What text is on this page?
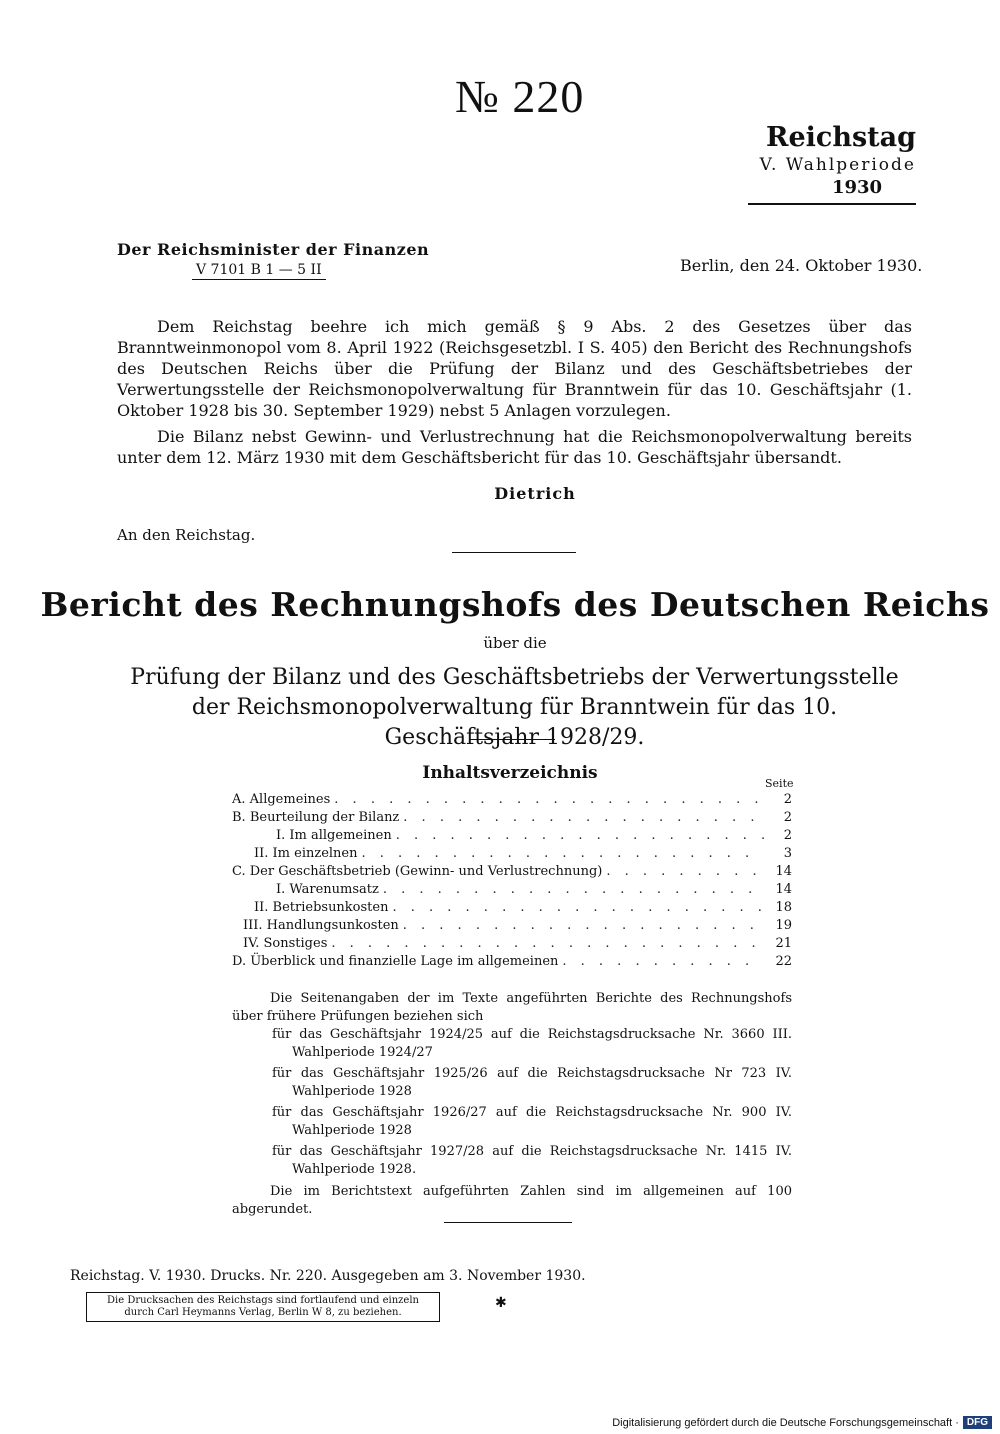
№ 220
Reichstag
V. Wahlperiode
1930
Der Reichsminister der Finanzen
V 7101 B 1 — 5 II	Berlin, den 24. Oktober 1930.
Dem Reichstag beehre ich mich gemäß § 9 Abs. 2 des Gesetzes über das Branntweinmonopol vom 8. April 1922 (Reichsgesetzbl. I S. 405) den Bericht des Rechnungshofs des Deutschen Reichs über die Prüfung der Bilanz und des Geschäftsbetriebes der Verwertungsstelle der Reichsmonopolverwaltung für Branntwein für das 10. Geschäftsjahr (1. Oktober 1928 bis 30. September 1929) nebst 5 Anlagen vorzulegen.
Die Bilanz nebst Gewinn- und Verlustrechnung hat die Reichsmonopolverwaltung bereits unter dem 12. März 1930 mit dem Geschäftsbericht für das 10. Geschäftsjahr übersandt.
Dietrich
An den Reichstag.
Bericht des Rechnungshofs des Deutschen Reichs
über die
Prüfung der Bilanz und des Geschäftsbetriebs der Verwertungsstelle der Reichsmonopolverwaltung für Branntwein für das 10. Geschäftsjahr 1928/29.
Inhaltsverzeichnis
Seite
A. Allgemeines . . .	2
B. Beurteilung der Bilanz . . .	2
I. Im allgemeinen . . .	2
II. Im einzelnen . . .	3
C. Der Geschäftsbetrieb (Gewinn- und Verlustrechnung) . . .	14
I. Warenumsatz . . .	14
II. Betriebsunkosten . . .	18
III. Handlungsunkosten . . .	19
IV. Sonstiges . . .	21
D. Überblick und finanzielle Lage im allgemeinen . . .	22

Die Seitenangaben der im Texte angeführten Berichte des Rechnungshofs über frühere Prüfungen beziehen sich

für das Geschäftsjahr 1924/25 auf die Reichstagsdrucksache Nr. 3660 III. Wahlperiode 1924/27

für das Geschäftsjahr 1925/26 auf die Reichstagsdrucksache Nr 723 IV. Wahlperiode 1928

für das Geschäftsjahr 1926/27 auf die Reichstagsdrucksache Nr. 900 IV. Wahlperiode 1928

für das Geschäftsjahr 1927/28 auf die Reichstagsdrucksache Nr. 1415 IV. Wahlperiode 1928.

Die im Berichtstext aufgeführten Zahlen sind im allgemeinen auf 100 abgerundet.

Reichstag. V. 1930. Drucks. Nr. 220. Ausgegeben am 3. November 1930.
Die Drucksachen des Reichstags sind fortlaufend und einzeln
durch Carl Heymanns Verlag, Berlin W 8, zu beziehen.
✱
Digitalisierung gefördert durch die Deutsche Forschungsgemeinschaft · DFG
